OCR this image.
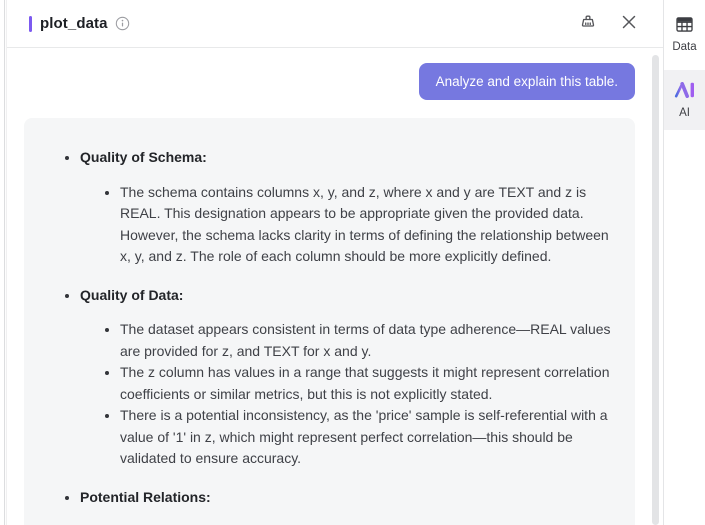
plot_data
Analyze and explain this table.
• Quality of Schema:
• The schema contains columns x, y, and z, where x and y are TEXT and z is REAL. This designation appears to be appropriate given the provided data. However, the schema lacks clarity in terms of defining the relationship between x, y, and z. The role of each column should be more explicitly defined.
• Quality of Data:
• The dataset appears consistent in terms of data type adherence—REAL values are provided for z, and TEXT for x and y.
• The z column has values in a range that suggests it might represent correlation coefficients or similar metrics, but this is not explicitly stated.
• There is a potential inconsistency, as the 'price' sample is self-referential with a value of '1' in z, which might represent perfect correlation—this should be validated to ensure accuracy.
• Potential Relations:
Data
AI
